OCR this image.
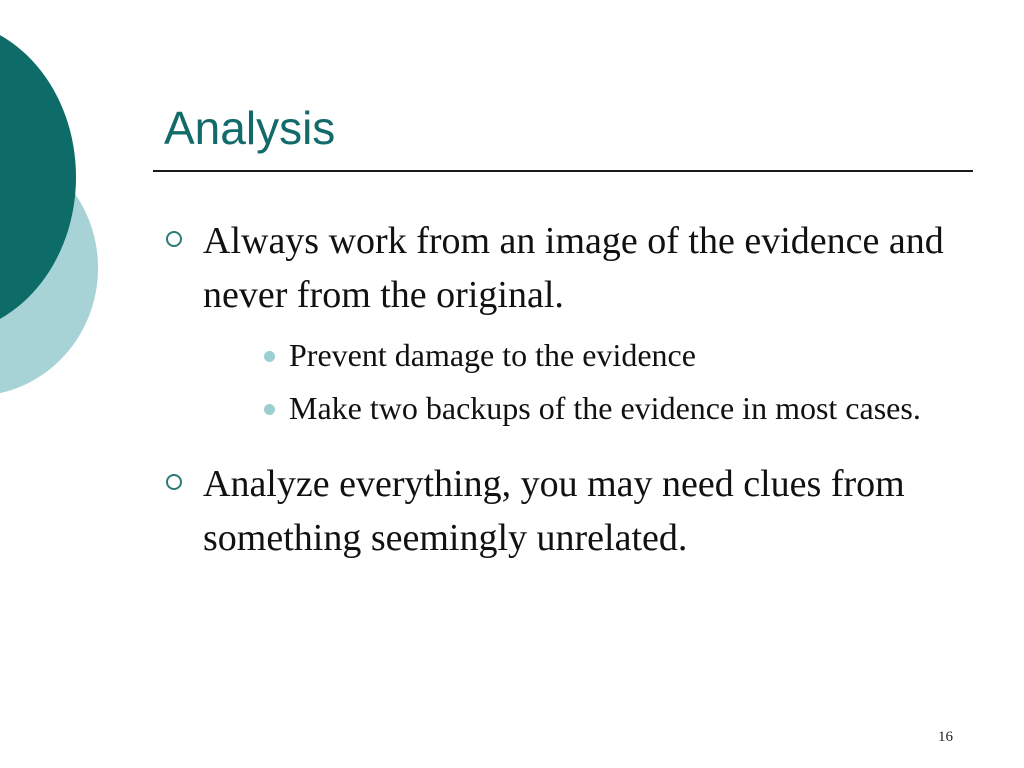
Analysis
Always work from an image of the evidence and never from the original.
Prevent damage to the evidence
Make two backups of the evidence in most cases.
Analyze everything, you may need clues from something seemingly unrelated.
16
